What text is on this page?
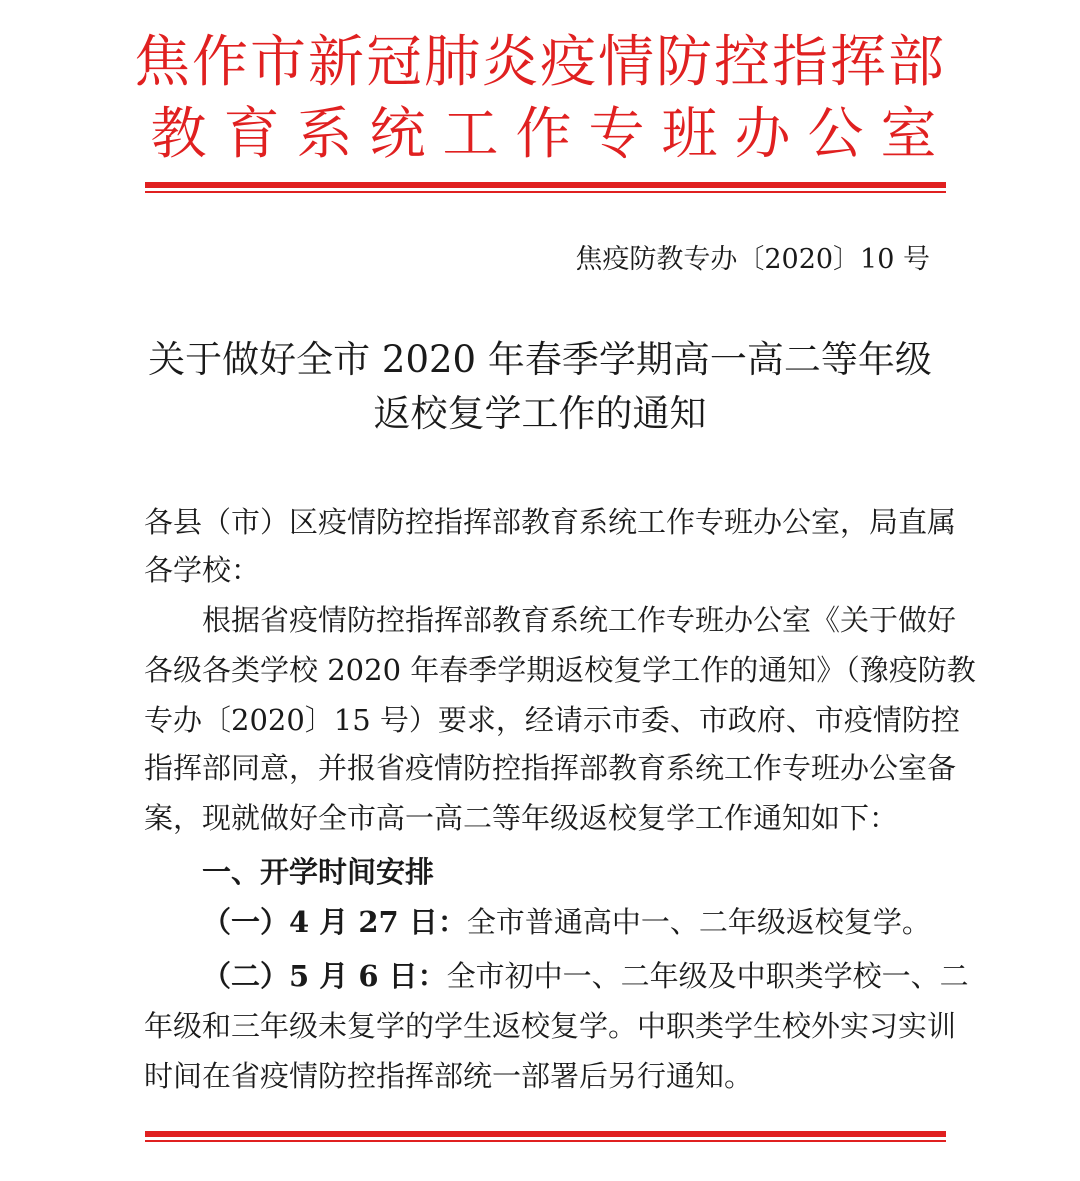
焦作市新冠肺炎疫情防控指挥部
教育系统工作专班办公室
焦疫防教专办〔2020〕10 号
关于做好全市 2020 年春季学期高一高二等年级
返校复学工作的通知
各县（市）区疫情防控指挥部教育系统工作专班办公室，局直属
各学校：
根据省疫情防控指挥部教育系统工作专班办公室《关于做好
各级各类学校 2020 年春季学期返校复学工作的通知》（豫疫防教
专办〔2020〕15 号）要求，经请示市委、市政府、市疫情防控
指挥部同意，并报省疫情防控指挥部教育系统工作专班办公室备
案，现就做好全市高一高二等年级返校复学工作通知如下：
一、开学时间安排
（一）4 月 27 日：全市普通高中一、二年级返校复学。
（二）5 月 6 日：全市初中一、二年级及中职类学校一、二
年级和三年级未复学的学生返校复学。中职类学生校外实习实训
时间在省疫情防控指挥部统一部署后另行通知。
